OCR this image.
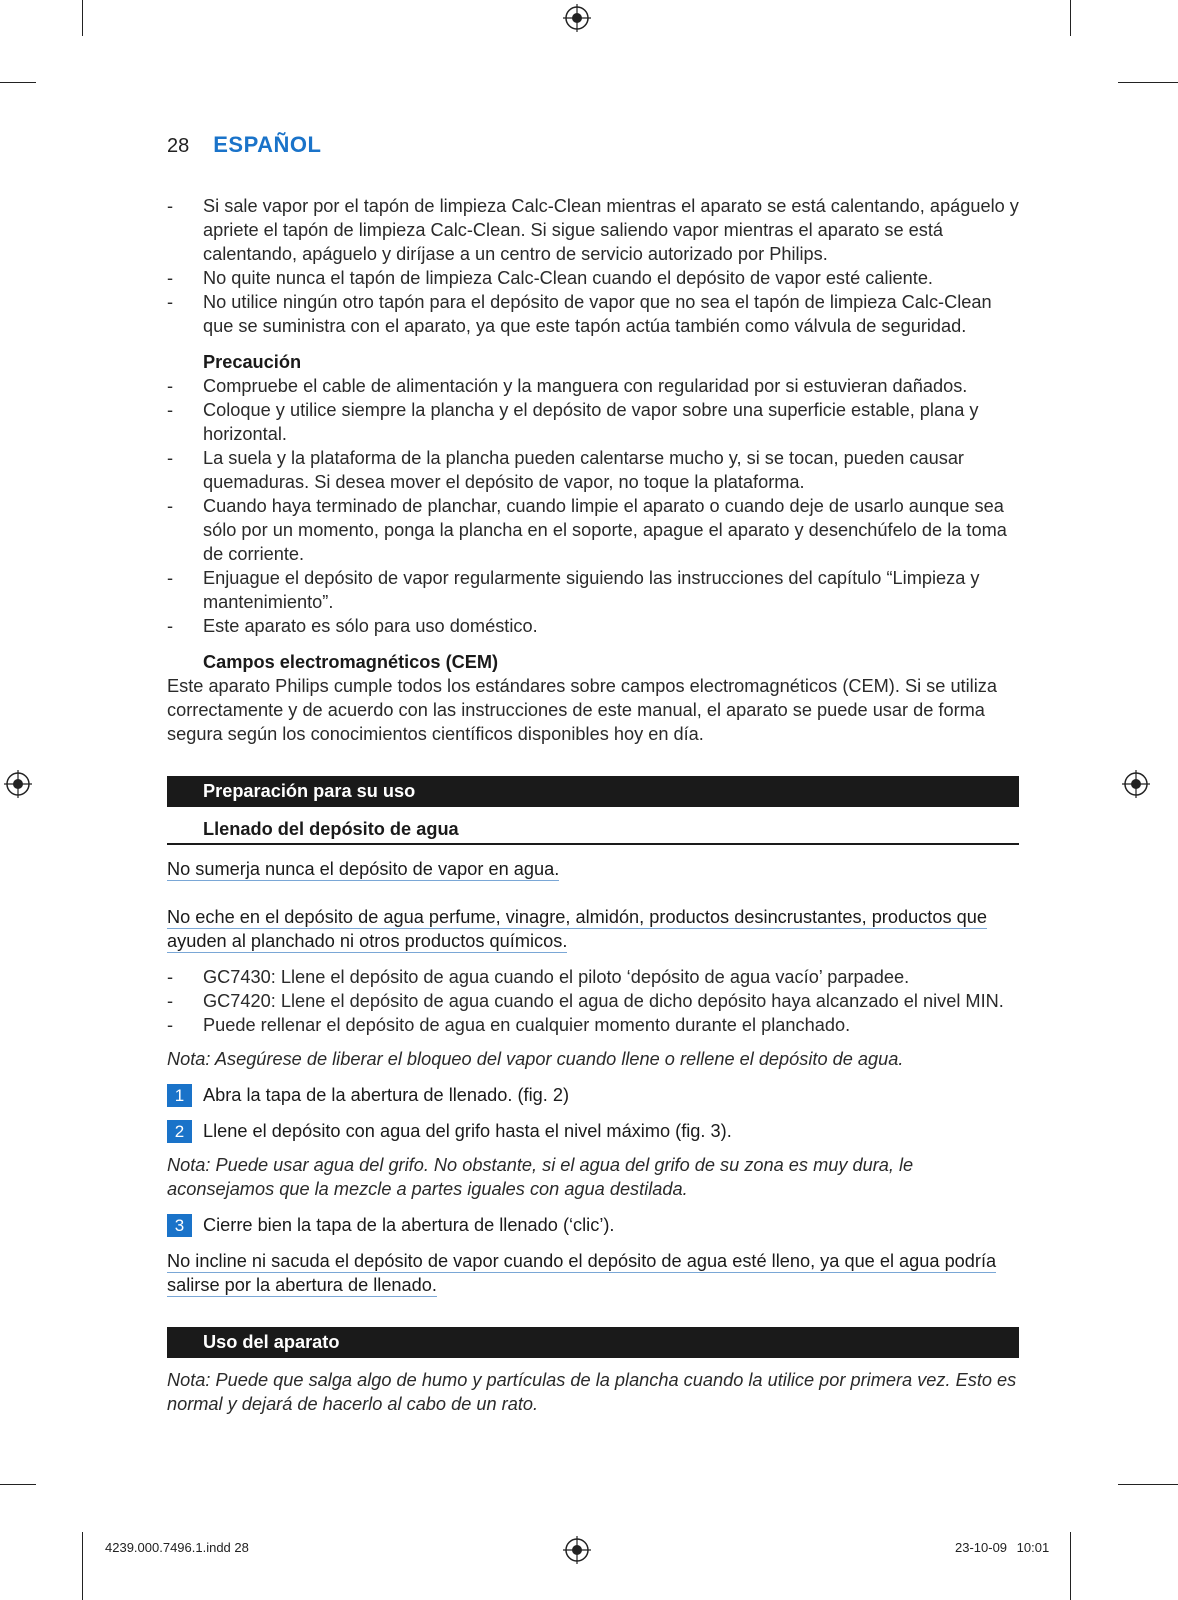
28 ESPAÑOL
- Si sale vapor por el tapón de limpieza Calc-Clean mientras el aparato se está calentando, apáguelo y apriete el tapón de limpieza Calc-Clean. Si sigue saliendo vapor mientras el aparato se está calentando, apáguelo y diríjase a un centro de servicio autorizado por Philips.
- No quite nunca el tapón de limpieza Calc-Clean cuando el depósito de vapor esté caliente.
- No utilice ningún otro tapón para el depósito de vapor que no sea el tapón de limpieza Calc-Clean que se suministra con el aparato, ya que este tapón actúa también como válvula de seguridad.
Precaución
- Compruebe el cable de alimentación y la manguera con regularidad por si estuvieran dañados.
- Coloque y utilice siempre la plancha y el depósito de vapor sobre una superficie estable, plana y horizontal.
- La suela y la plataforma de la plancha pueden calentarse mucho y, si se tocan, pueden causar quemaduras. Si desea mover el depósito de vapor, no toque la plataforma.
- Cuando haya terminado de planchar, cuando limpie el aparato o cuando deje de usarlo aunque sea sólo por un momento, ponga la plancha en el soporte, apague el aparato y desenchúfelo de la toma de corriente.
- Enjuague el depósito de vapor regularmente siguiendo las instrucciones del capítulo “Limpieza y mantenimiento”.
- Este aparato es sólo para uso doméstico.
Campos electromagnéticos (CEM)

Este aparato Philips cumple todos los estándares sobre campos electromagnéticos (CEM). Si se utiliza correctamente y de acuerdo con las instrucciones de este manual, el aparato se puede usar de forma segura según los conocimientos científicos disponibles hoy en día.

Preparación para su uso
Llenado del depósito de agua
No sumerja nunca el depósito de vapor en agua.
No eche en el depósito de agua perfume, vinagre, almidón, productos desincrustantes, productos que ayuden al planchado ni otros productos químicos.
- GC7430: Llene el depósito de agua cuando el piloto ‘depósito de agua vacío’ parpadee.
- GC7420: Llene el depósito de agua cuando el agua de dicho depósito haya alcanzado el nivel MIN.
- Puede rellenar el depósito de agua en cualquier momento durante el planchado.
Nota: Asegúrese de liberar el bloqueo del vapor cuando llene o rellene el depósito de agua.
1	Abra la tapa de la abertura de llenado. (fig. 2)
2	Llene el depósito con agua del grifo hasta el nivel máximo (fig. 3).
Nota: Puede usar agua del grifo. No obstante, si el agua del grifo de su zona es muy dura, le aconsejamos que la mezcle a partes iguales con agua destilada.
3	Cierre bien la tapa de la abertura de llenado (‘clic’).
No incline ni sacuda el depósito de vapor cuando el depósito de agua esté lleno, ya que el agua podría salirse por la abertura de llenado.
Uso del aparato
Nota: Puede que salga algo de humo y partículas de la plancha cuando la utilice por primera vez. Esto es normal y dejará de hacerlo al cabo de un rato.
4239.000.7496.1.indd 28	23-10-09 10:01
